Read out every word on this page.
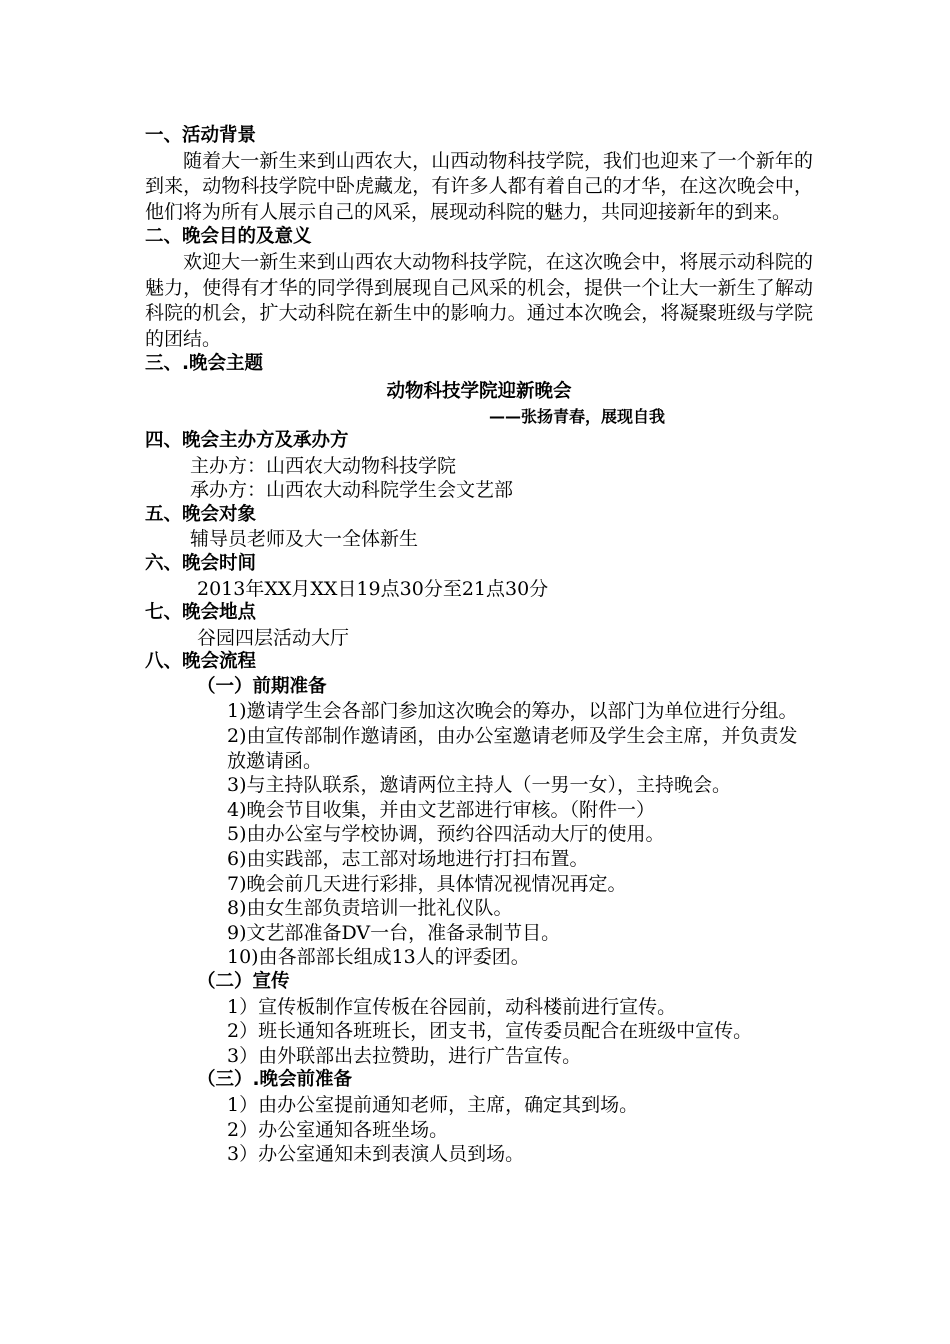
一、活动背景

随着大一新生来到山西农大，山西动物科技学院，我们也迎来了一个新年的到来，动物科技学院中卧虎藏龙，有许多人都有着自己的才华，在这次晚会中，他们将为所有人展示自己的风采，展现动科院的魅力，共同迎接新年的到来。

二、晚会目的及意义

欢迎大一新生来到山西农大动物科技学院，在这次晚会中，将展示动科院的魅力，使得有才华的同学得到展现自己风采的机会，提供一个让大一新生了解动科院的机会，扩大动科院在新生中的影响力。通过本次晚会，将凝聚班级与学院的团结。

三、.晚会主题
动物科技学院迎新晚会
——张扬青春，展现自我
四、晚会主办方及承办方
主办方：山西农大动物科技学院
承办方：山西农大动科院学生会文艺部
五、晚会对象
辅导员老师及大一全体新生
六、晚会时间
2013年XX月XX日19点30分至21点30分
七、晚会地点
谷园四层活动大厅
八、晚会流程
（一）前期准备
1)邀请学生会各部门参加这次晚会的筹办，以部门为单位进行分组。
2)由宣传部制作邀请函，由办公室邀请老师及学生会主席，并负责发放邀请函。
3)与主持队联系，邀请两位主持人（一男一女），主持晚会。
4)晚会节目收集，并由文艺部进行审核。（附件一）
5)由办公室与学校协调，预约谷四活动大厅的使用。
6)由实践部，志工部对场地进行打扫布置。
7)晚会前几天进行彩排，具体情况视情况再定。
8)由女生部负责培训一批礼仪队。
9)文艺部准备DV一台，准备录制节目。
10)由各部部长组成13人的评委团。
（二）宣传
1）宣传板制作宣传板在谷园前，动科楼前进行宣传。
2）班长通知各班班长，团支书，宣传委员配合在班级中宣传。
3）由外联部出去拉赞助，进行广告宣传。
（三）.晚会前准备
1）由办公室提前通知老师，主席，确定其到场。
2）办公室通知各班坐场。
3）办公室通知未到表演人员到场。
